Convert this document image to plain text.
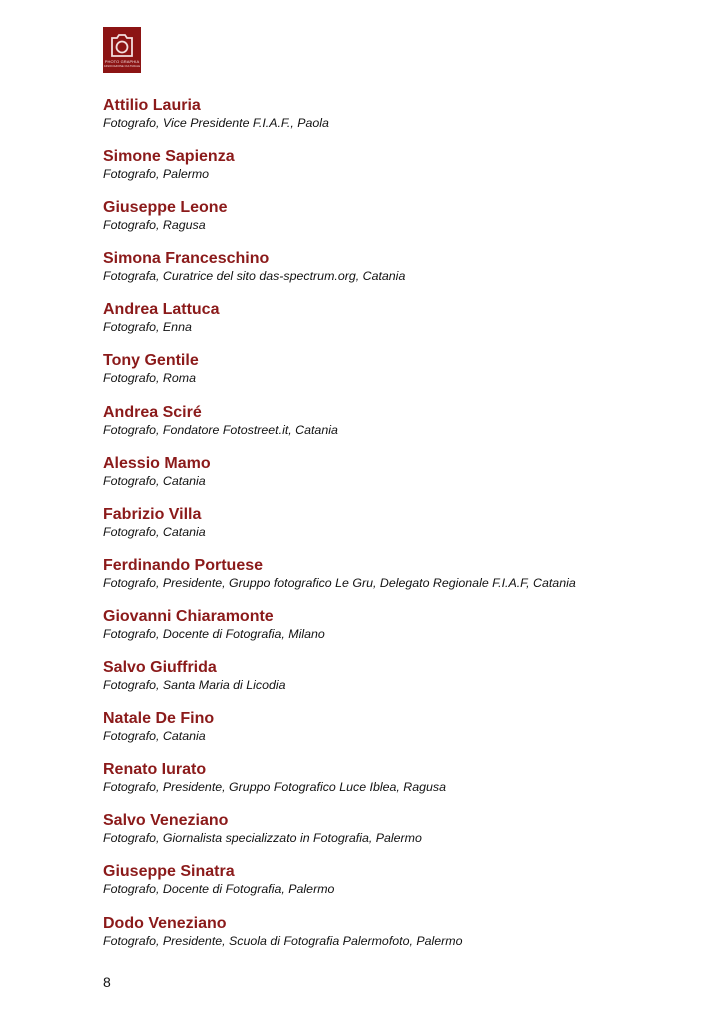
PHOTO GRAPHIA
ASSOCIAZIONE CULTURALE
Attilio Lauria
Fotografo, Vice Presidente F.I.A.F., Paola
Simone Sapienza
Fotografo, Palermo
Giuseppe Leone
Fotografo, Ragusa
Simona Franceschino
Fotografa, Curatrice del sito das-spectrum.org, Catania
Andrea Lattuca
Fotografo, Enna
Tony Gentile
Fotografo, Roma
Andrea Sciré
Fotografo, Fondatore Fotostreet.it, Catania
Alessio Mamo
Fotografo, Catania
Fabrizio Villa
Fotografo, Catania
Ferdinando Portuese
Fotografo, Presidente, Gruppo fotografico Le Gru, Delegato Regionale F.I.A.F, Catania
Giovanni Chiaramonte
Fotografo, Docente di Fotografia, Milano
Salvo Giuffrida
Fotografo, Santa Maria di Licodia
Natale De Fino
Fotografo, Catania
Renato Iurato
Fotografo, Presidente, Gruppo Fotografico Luce Iblea, Ragusa
Salvo Veneziano
Fotografo, Giornalista specializzato in Fotografia, Palermo
Giuseppe Sinatra
Fotografo, Docente di Fotografia, Palermo
Dodo Veneziano
Fotografo, Presidente, Scuola di Fotografia Palermofoto, Palermo
8
